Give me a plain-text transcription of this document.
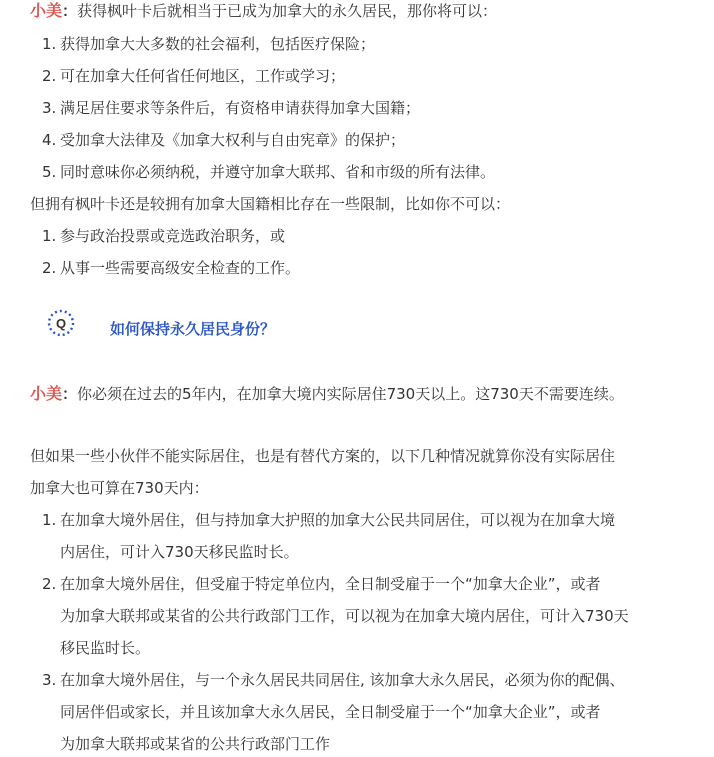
小美：获得枫叶卡后就相当于已成为加拿大的永久居民，那你将可以：
1. 获得加拿大大多数的社会福利，包括医疗保险；
2. 可在加拿大任何省任何地区，工作或学习；
3. 满足居住要求等条件后，有资格申请获得加拿大国籍；
4. 受加拿大法律及《加拿大权利与自由宪章》的保护；
5. 同时意味你必须纳税，并遵守加拿大联邦、省和市级的所有法律。
但拥有枫叶卡还是较拥有加拿大国籍相比存在一些限制，比如你不可以：
1. 参与政治投票或竞选政治职务，或
2. 从事一些需要高级安全检查的工作。
Q	如何保持永久居民身份？
小美：你必须在过去的5年内，在加拿大境内实际居住730天以上。这730天不需要连续。
但如果一些小伙伴不能实际居住，也是有替代方案的，以下几种情况就算你没有实际居住
加拿大也可算在730天内：
1. 在加拿大境外居住，但与持加拿大护照的加拿大公民共同居住，可以视为在加拿大境
内居住，可计入730天移民监时长。
2. 在加拿大境外居住，但受雇于特定单位内，全日制受雇于一个“加拿大企业”，或者
为加拿大联邦或某省的公共行政部门工作，可以视为在加拿大境内居住，可计入730天
移民监时长。
3. 在加拿大境外居住，与一个永久居民共同居住, 该加拿大永久居民，必须为你的配偶、
同居伴侣或家长，并且该加拿大永久居民，全日制受雇于一个“加拿大企业”，或者
为加拿大联邦或某省的公共行政部门工作
